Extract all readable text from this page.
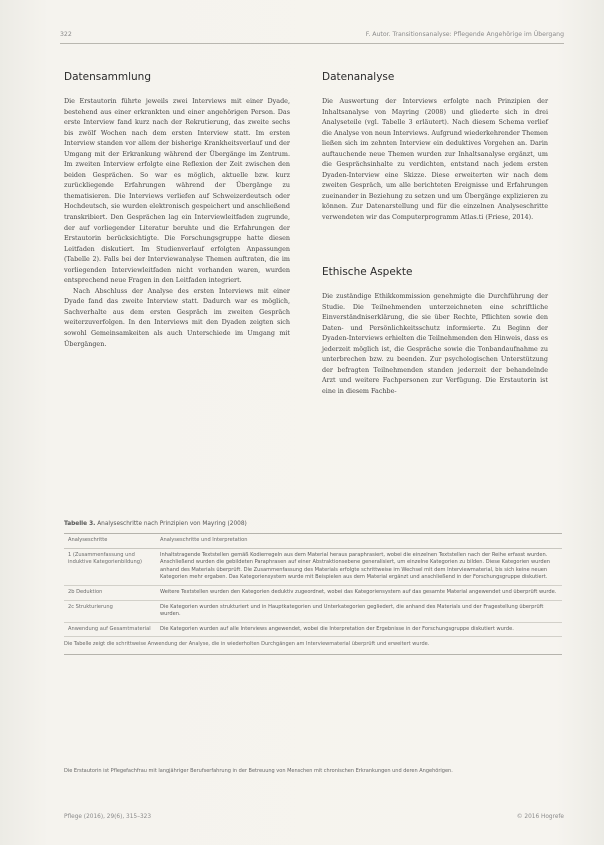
322	F. Autor. Transitionsanalyse: Pflegende Angehörige im Übergang
Datensammlung

Die Erstautorin führte jeweils zwei Interviews mit einer Dyade, bestehend aus einer erkrankten und einer angehörigen Person. Das erste Interview fand kurz nach der Rekrutierung, das zweite sechs bis zwölf Wochen nach dem ersten Interview statt. Im ersten Interview standen vor allem der bisherige Krankheitsverlauf und der Umgang mit der Erkrankung während der Übergänge im Zentrum. Im zweiten Interview erfolgte eine Reflexion der Zeit zwischen den beiden Gesprächen. So war es möglich, aktuelle bzw. kurz zurückliegende Erfahrungen während der Übergänge zu thematisieren. Die Interviews verliefen auf Schweizerdeutsch oder Hochdeutsch, sie wurden elektronisch gespeichert und anschließend transkribiert. Den Gesprächen lag ein Interviewleitfaden zugrunde, der auf vorliegender Literatur beruhte und die Erfahrungen der Erstautorin berücksichtigte. Die Forschungsgruppe hatte diesen Leitfaden diskutiert. Im Studienverlauf erfolgten Anpassungen (Tabelle 2). Falls bei der Interviewanalyse Themen auftraten, die im vorliegenden Interviewleitfaden nicht vorhanden waren, wurden entsprechend neue Fragen in den Leitfaden integriert.

Nach Abschluss der Analyse des ersten Interviews mit einer Dyade fand das zweite Interview statt. Dadurch war es möglich, Sachverhalte aus dem ersten Gespräch im zweiten Gespräch weiterzuverfolgen. In den Interviews mit den Dyaden zeigten sich sowohl Gemeinsamkeiten als auch Unterschiede im Umgang mit Übergängen.

Datenanalyse

Die Auswertung der Interviews erfolgte nach Prinzipien der Inhaltsanalyse von Mayring (2008) und gliederte sich in drei Analyseteile (vgl. Tabelle 3 erläutert). Nach diesem Schema verlief die Analyse von neun Interviews. Aufgrund wiederkehrender Themen ließen sich im zehnten Interview ein deduktives Vorgehen an. Darin auftauchende neue Themen wurden zur Inhaltsanalyse ergänzt, um die Gesprächsinhalte zu verdichten, entstand nach jedem ersten Dyaden-Interview eine Skizze. Diese erweiterten wir nach dem zweiten Gespräch, um alle berichteten Ereignisse und Erfahrungen zueinander in Beziehung zu setzen und um Übergänge explizieren zu können. Zur Datenarstellung und für die einzelnen Analyseschritte verwendeten wir das Computerprogramm Atlas.ti (Friese, 2014).

Ethische Aspekte

Die zuständige Ethikkommission genehmigte die Durchführung der Studie. Die Teilnehmenden unterzeichneten eine schriftliche Einverständniserklärung, die sie über Rechte, Pflichten sowie den Daten- und Persönlichkeitsschutz informierte. Zu Beginn der Dyaden-Interviews erhielten die Teilnehmenden den Hinweis, dass es jederzeit möglich ist, die Gespräche sowie die Tonbandaufnahme zu unterbrechen bzw. zu beenden. Zur psychologischen Unterstützung der befragten Teilnehmenden standen jederzeit der behandelnde Arzt und weitere Fachpersonen zur Verfügung. Die Erstautorin ist eine in diesem Fachbe-

Tabelle 3. Analyseschritte nach Prinzipien von Mayring (2008)
Analyseschritte	Analyseschritte und Interpretation
1 (Zusammenfassung und induktive Kategorienbildung)	Inhaltstragende Textstellen gemäß Kodierregeln aus dem Material heraus paraphrasiert, wobei die einzelnen Textstellen nach der Reihe erfasst wurden. Anschließend wurden die gebildeten Paraphrasen auf einer Abstraktionsebene generalisiert, um einzelne Kategorien zu bilden. Diese Kategorien wurden anhand des Materials überprüft. Die Zusammenfassung des Materials erfolgte schrittweise im Wechsel mit dem Interviewmaterial, bis sich keine neuen Kategorien mehr ergaben. Das Kategoriensystem wurde mit Beispielen aus dem Material ergänzt und anschließend in der Forschungsgruppe diskutiert.
2b Deduktion	Weitere Textstellen wurden den Kategorien deduktiv zugeordnet, wobei das Kategoriensystem auf das gesamte Material angewendet und überprüft wurde.
2c Strukturierung	Die Kategorien wurden strukturiert und in Hauptkategorien und Unterkategorien gegliedert, die anhand des Materials und der Fragestellung überprüft wurden.
Anwendung auf Gesamtmaterial	Die Kategorien wurden auf alle Interviews angewendet, wobei die Interpretation der Ergebnisse in der Forschungsgruppe diskutiert wurde.
Die Tabelle zeigt die schrittweise Anwendung der Analyse, die in wiederholten Durchgängen am Interviewmaterial überprüft und erweitert wurde.
Die Erstautorin ist Pflegefachfrau mit langjähriger Berufserfahrung in der Betreuung von Menschen mit chronischen Erkrankungen und deren Angehörigen.
Pflege (2016), 29(6), 315–323	© 2016 Hogrefe
